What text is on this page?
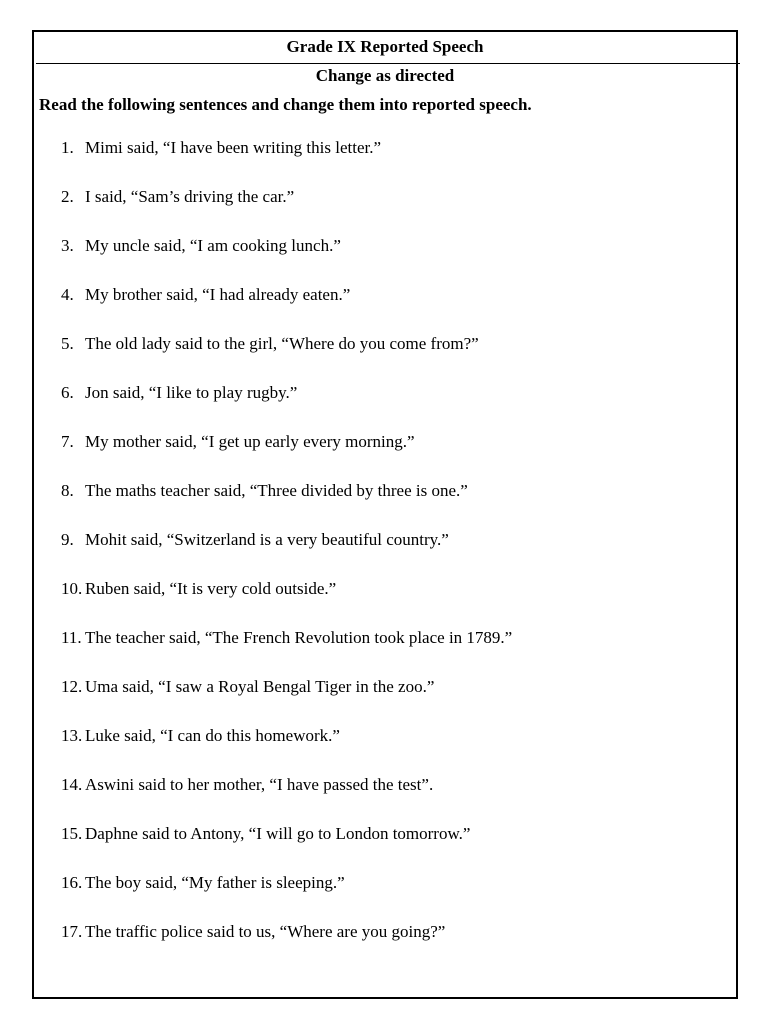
Grade IX Reported Speech
Change as directed
Read the following sentences and change them into reported speech.
1. Mimi said, “I have been writing this letter.”
2. I said, “Sam’s driving the car.”
3. My uncle said, “I am cooking lunch.”
4. My brother said, “I had already eaten.”
5. The old lady said to the girl, “Where do you come from?”
6. Jon said, “I like to play rugby.”
7. My mother said, “I get up early every morning.”
8. The maths teacher said, “Three divided by three is one.”
9. Mohit said, “Switzerland is a very beautiful country.”
10. Ruben said, “It is very cold outside.”
11. The teacher said, “The French Revolution took place in 1789.”
12. Uma said, “I saw a Royal Bengal Tiger in the zoo.”
13. Luke said, “I can do this homework.”
14. Aswini said to her mother, “I have passed the test”.
15. Daphne said to Antony, “I will go to London tomorrow.”
16. The boy said, “My father is sleeping.”
17. The traffic police said to us, “Where are you going?”
